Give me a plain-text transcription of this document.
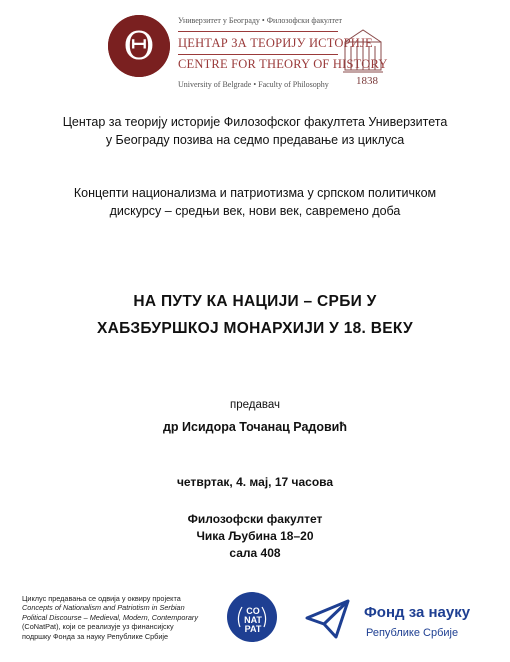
Θ
Универзитет у Београду • Филозофски факултет
ЦЕНТАР ЗА ТЕОРИЈУ ИСТОРИЈЕ
CENTRE FOR THEORY OF HISTORY
University of Belgrade • Faculty of Philosophy 1838
Центар за теорију историје Филозофског факултета Универзитета
у Београду позива на седмо предавање из циклуса
Концепти национализма и патриотизма у српском политичком
дискурсу – средњи век, нови век, савремено доба
НА ПУТУ КА НАЦИЈИ – СРБИ У
ХАБЗБУРШКОЈ МОНАРХИЈИ У 18. ВЕКУ
предавач
др Исидора Точанац Радовић
четвртак, 4. мај, 17 часова
Филозофски факултет
Чика Љубина 18–20
сала 408
Циклус предавања се одвија у оквиру пројекта
Concepts of Nationalism and Patriotism in Serbian
Political Discourse – Medieval, Modern, Contemporary
(CoNatPat), који се реализује уз финансијску
подршку Фонда за науку Републике Србије
CO
NAT
PAT
Фонд за науку
Републике Србије
